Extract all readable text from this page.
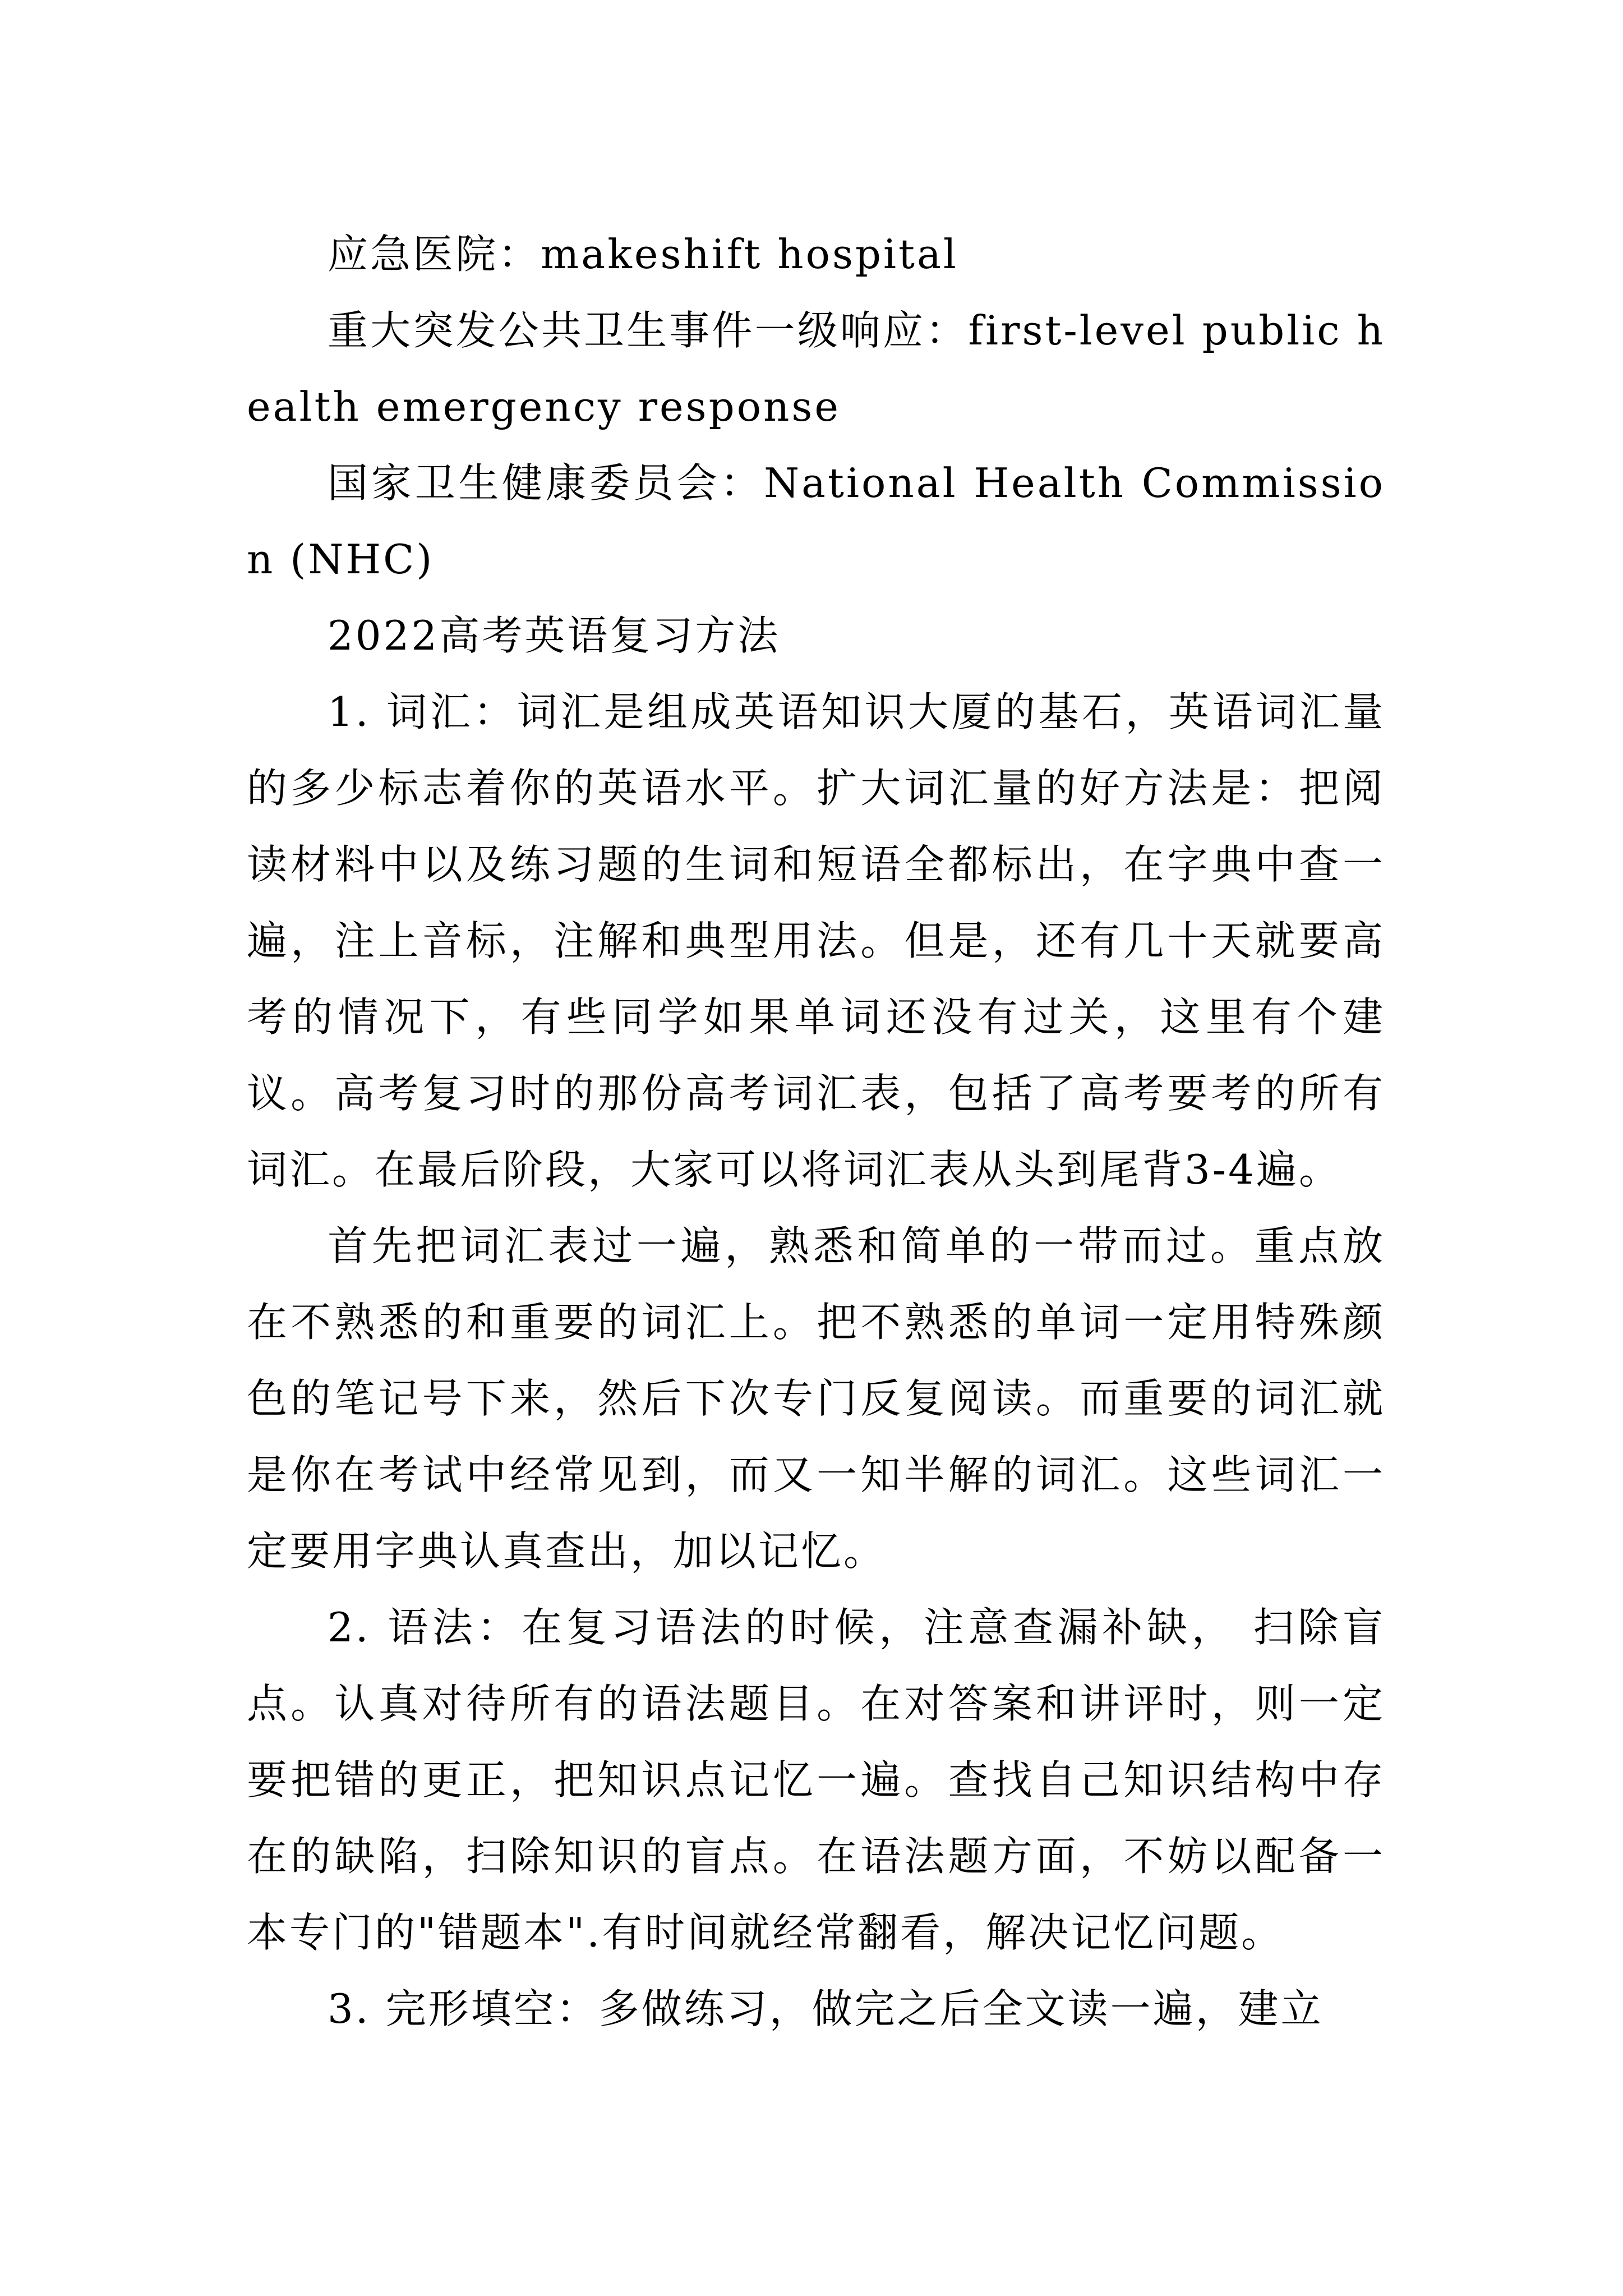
应急医院：makeshift hospital

重大突发公共卫生事件一级响应：first-level public health emergency response

国家卫生健康委员会：National Health Commission (NHC)

2022高考英语复习方法

1. 词汇：词汇是组成英语知识大厦的基石，英语词汇量的多少标志着你的英语水平。扩大词汇量的好方法是：把阅读材料中以及练习题的生词和短语全都标出，在字典中查一遍，注上音标，注解和典型用法。但是，还有几十天就要高考的情况下，有些同学如果单词还没有过关，这里有个建议。高考复习时的那份高考词汇表，包括了高考要考的所有词汇。在最后阶段，大家可以将词汇表从头到尾背3-4遍。

首先把词汇表过一遍，熟悉和简单的一带而过。重点放在不熟悉的和重要的词汇上。把不熟悉的单词一定用特殊颜色的笔记号下来，然后下次专门反复阅读。而重要的词汇就是你在考试中经常见到，而又一知半解的词汇。这些词汇一定要用字典认真查出，加以记忆。

2. 语法：在复习语法的时候，注意查漏补缺， 扫除盲点。认真对待所有的语法题目。在对答案和讲评时，则一定要把错的更正，把知识点记忆一遍。查找自己知识结构中存在的缺陷，扫除知识的盲点。在语法题方面，不妨以配备一本专门的"错题本".有时间就经常翻看，解决记忆问题。

3. 完形填空：多做练习，做完之后全文读一遍，建立
